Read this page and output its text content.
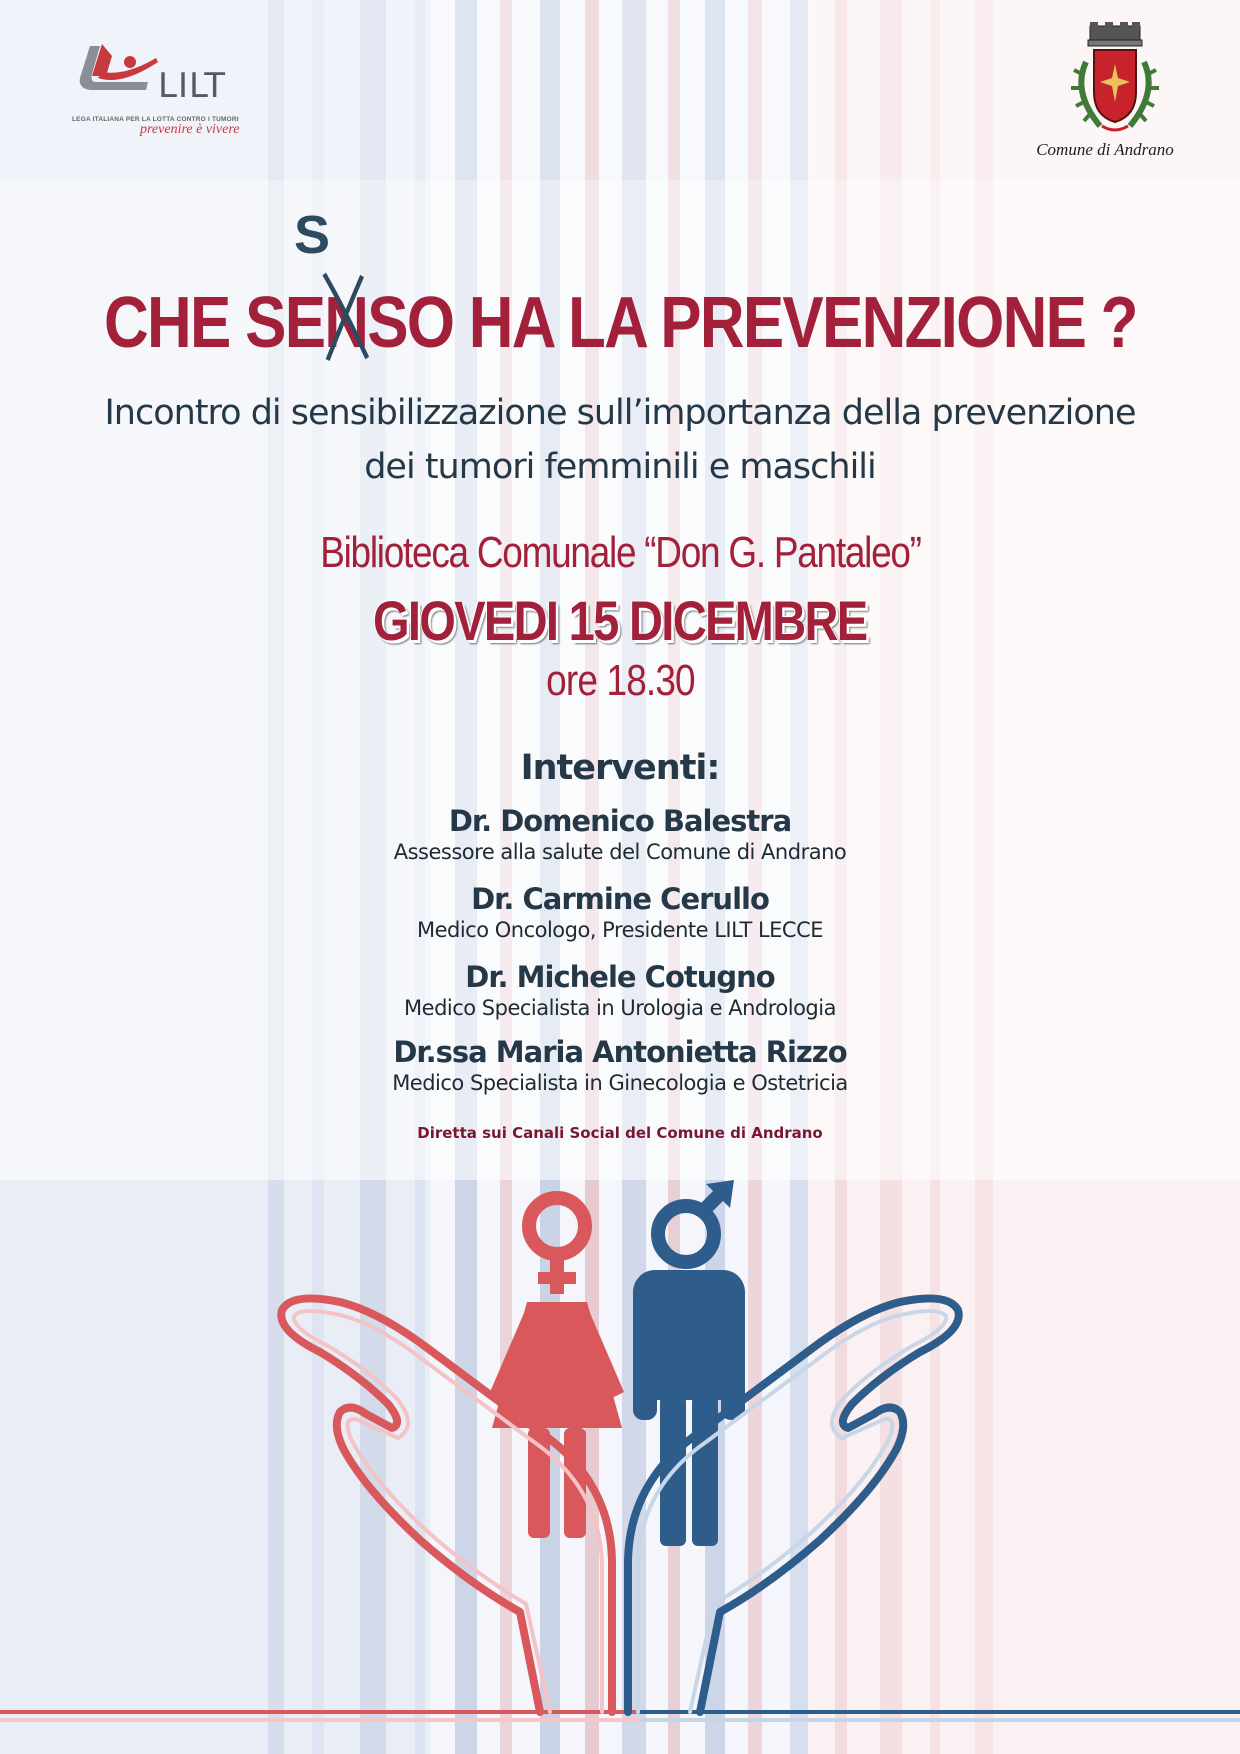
LILT
LEGA ITALIANA PER LA LOTTA CONTRO I TUMORI
prevenire è vivere
Comune di Andrano
S
CHE SEN
SO HA LA PREVENZIONE ?
Incontro di sensibilizzazione sull’importanza della prevenzione
dei tumori femminili e maschili
Biblioteca Comunale “Don G. Pantaleo”
GIOVEDI 15 DICEMBRE
ore 18.30
Interventi:
Dr. Domenico Balestra
Assessore alla salute del Comune di Andrano
Dr. Carmine Cerullo
Medico Oncologo, Presidente LILT LECCE
Dr. Michele Cotugno
Medico Specialista in Urologia e Andrologia
Dr.ssa Maria Antonietta Rizzo
Medico Specialista in Ginecologia e Ostetricia
Diretta sui Canali Social del Comune di Andrano
